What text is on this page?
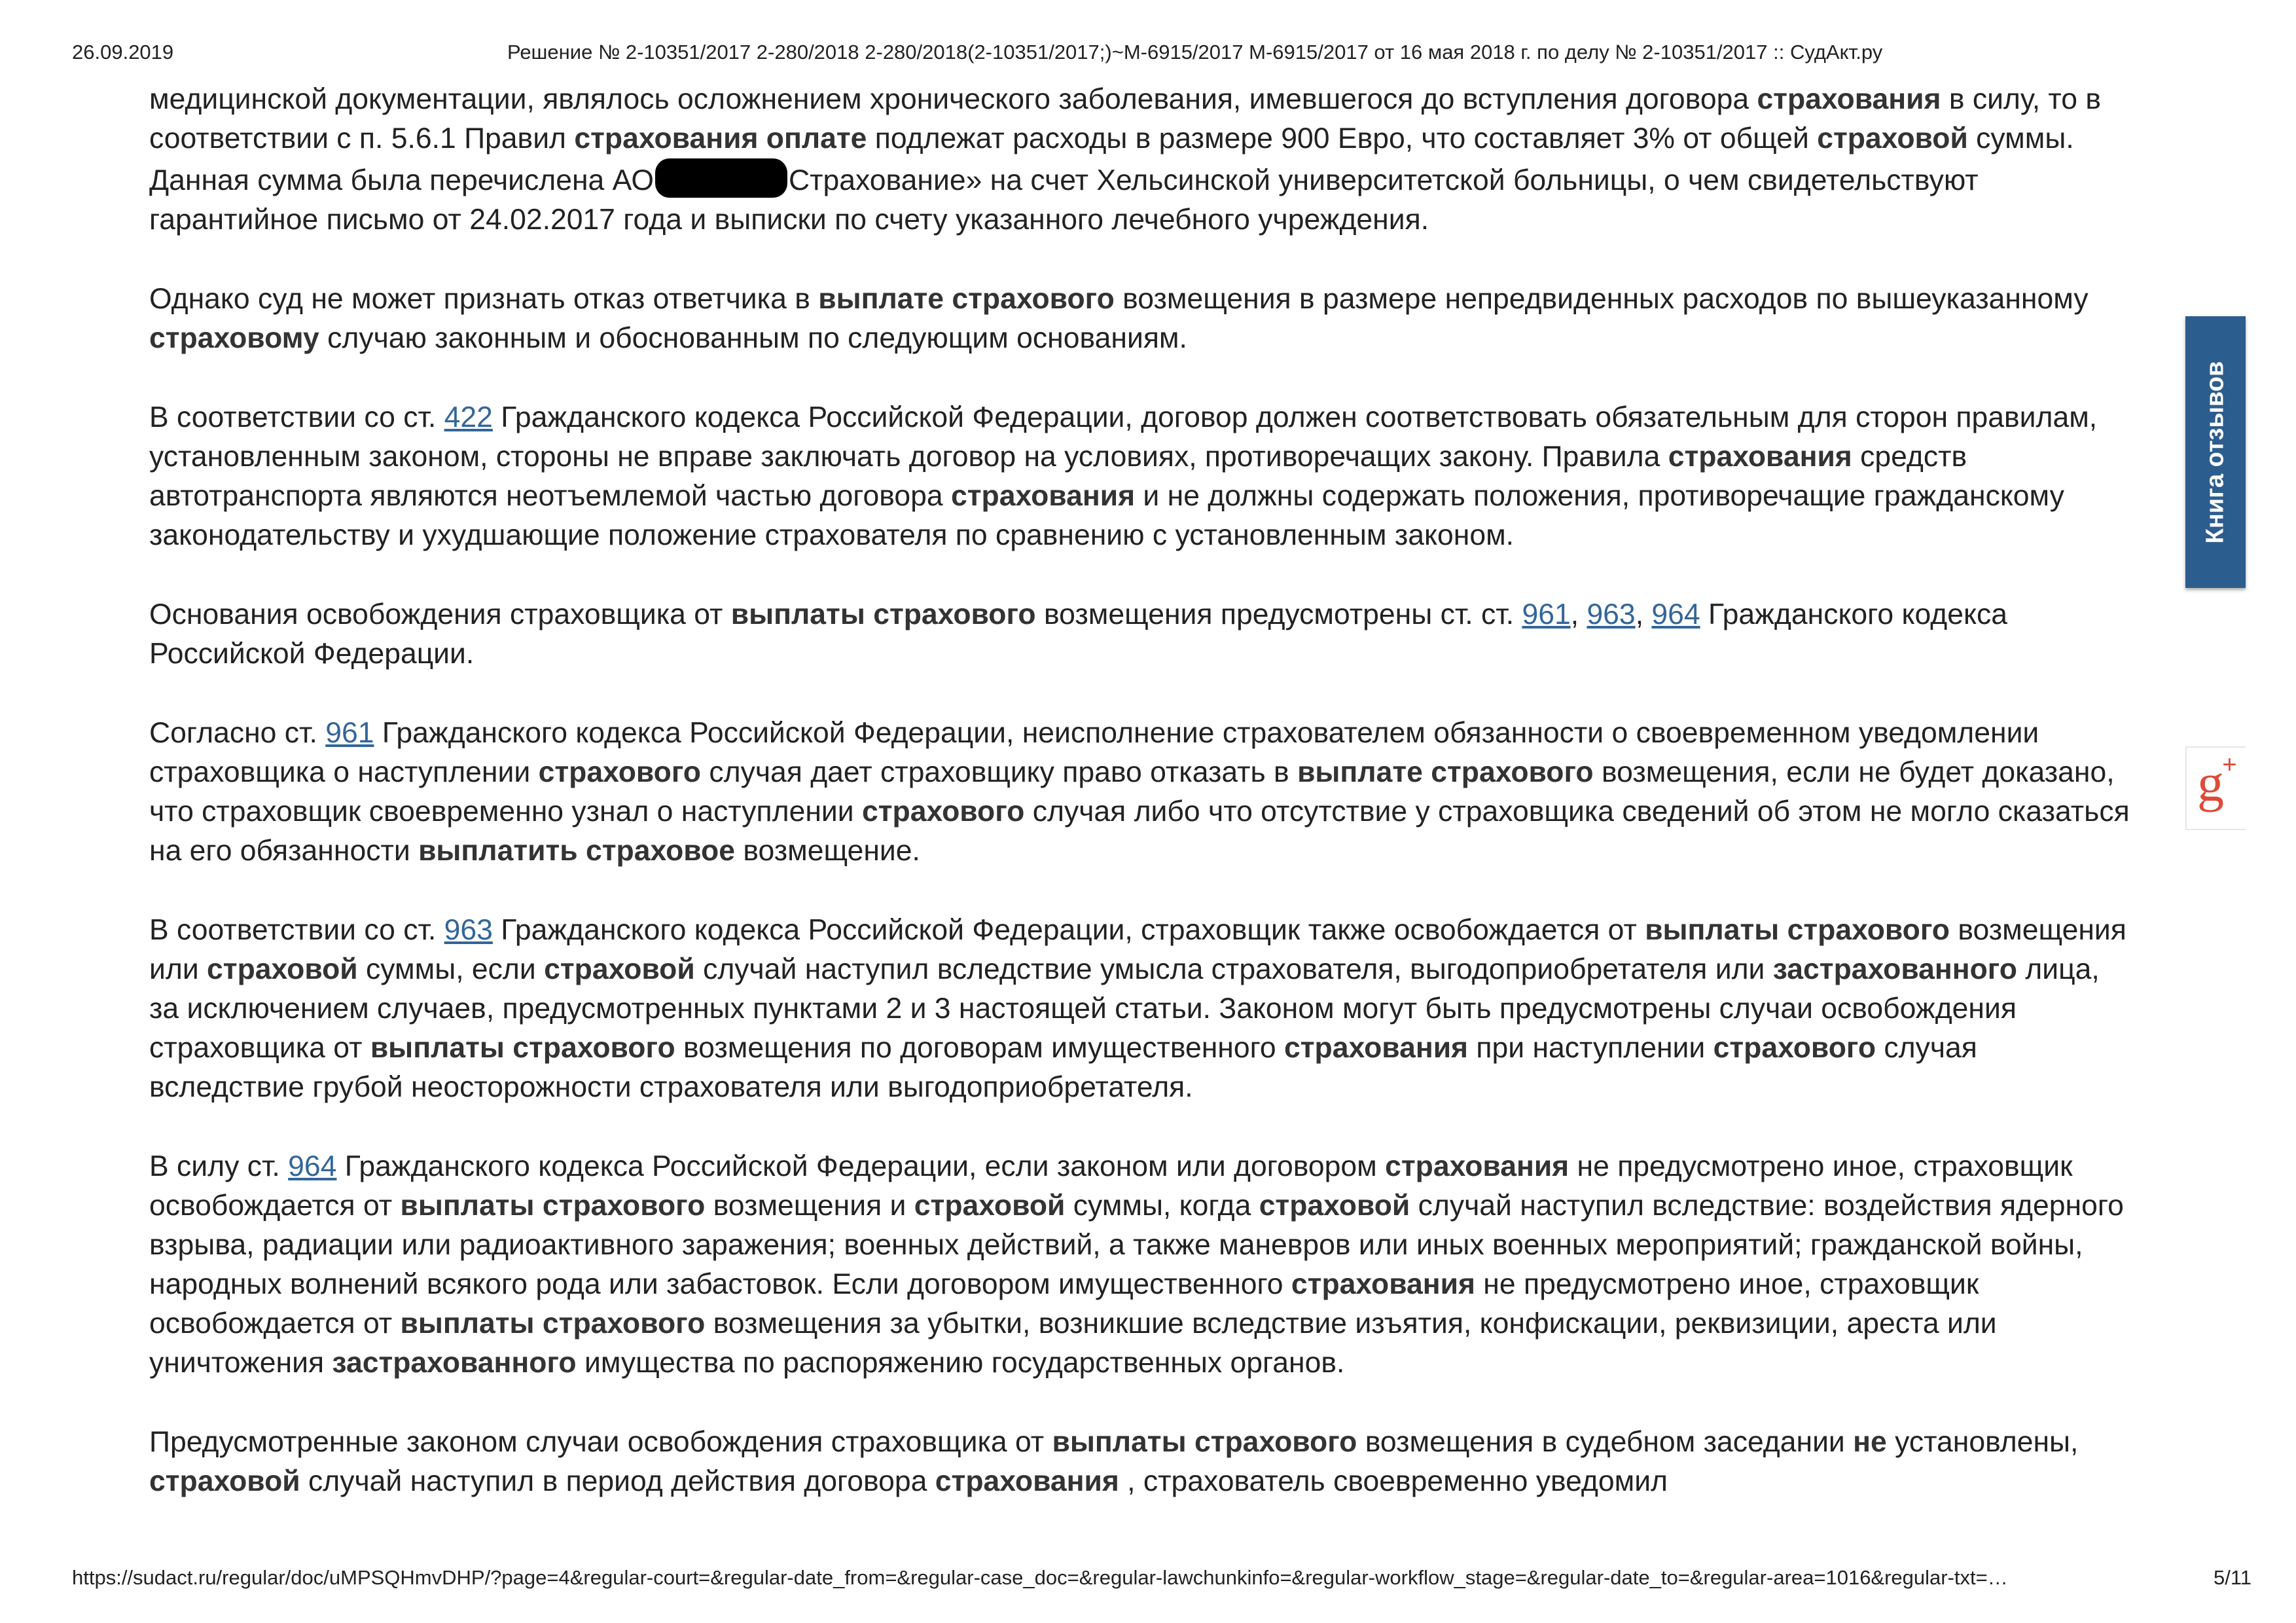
26.09.2019	Решение № 2-10351/2017 2-280/2018 2-280/2018(2-10351/2017;)~М-6915/2017 М-6915/2017 от 16 мая 2018 г. по делу № 2-10351/2017 :: СудАкт.ру

медицинской документации, являлось осложнением хронического заболевания, имевшегося до вступления договора страхования в силу, то в соответствии с п. 5.6.1 Правил страхования оплате подлежат расходы в размере 900 Евро, что составляет 3% от общей страховой суммы. Данная сумма была перечислена АО	Страхование» на счет Хельсинской университетской больницы, о чем свидетельствуют гарантийное письмо от 24.02.2017 года и выписки по счету указанного лечебного учреждения.

Однако суд не может признать отказ ответчика в выплате страхового возмещения в размере непредвиденных расходов по вышеуказанному страховому случаю законным и обоснованным по следующим основаниям.

В соответствии со ст. 422 Гражданского кодекса Российской Федерации, договор должен соответствовать обязательным для сторон правилам, установленным законом, стороны не вправе заключать договор на условиях, противоречащих закону. Правила страхования средств автотранспорта являются неотъемлемой частью договора страхования и не должны содержать положения, противоречащие гражданскому законодательству и ухудшающие положение страхователя по сравнению с установленным законом.

Основания освобождения страховщика от выплаты страхового возмещения предусмотрены ст. ст. 961, 963, 964 Гражданского кодекса Российской Федерации.

Согласно ст. 961 Гражданского кодекса Российской Федерации, неисполнение страхователем обязанности о своевременном уведомлении страховщика о наступлении страхового случая дает страховщику право отказать в выплате страхового возмещения, если не будет доказано, что страховщик своевременно узнал о наступлении страхового случая либо что отсутствие у страховщика сведений об этом не могло сказаться на его обязанности выплатить страховое возмещение.

В соответствии со ст. 963 Гражданского кодекса Российской Федерации, страховщик также освобождается от выплаты страхового возмещения или страховой суммы, если страховой случай наступил вследствие умысла страхователя, выгодоприобретателя или застрахованного лица, за исключением случаев, предусмотренных пунктами 2 и 3 настоящей статьи. Законом могут быть предусмотрены случаи освобождения страховщика от выплаты страхового возмещения по договорам имущественного страхования при наступлении страхового случая вследствие грубой неосторожности страхователя или выгодоприобретателя.

В силу ст. 964 Гражданского кодекса Российской Федерации, если законом или договором страхования не предусмотрено иное, страховщик освобождается от выплаты страхового возмещения и страховой суммы, когда страховой случай наступил вследствие: воздействия ядерного взрыва, радиации или радиоактивного заражения; военных действий, а также маневров или иных военных мероприятий; гражданской войны, народных волнений всякого рода или забастовок. Если договором имущественного страхования не предусмотрено иное, страховщик освобождается от выплаты страхового возмещения за убытки, возникшие вследствие изъятия, конфискации, реквизиции, ареста или уничтожения застрахованного имущества по распоряжению государственных органов.

Предусмотренные законом случаи освобождения страховщика от выплаты страхового возмещения в судебном заседании не установлены, страховой случай наступил в период действия договора страхования , страхователь своевременно уведомил

Книга отзывов
g
+
https://sudact.ru/regular/doc/uMPSQHmvDHP/?page=4&regular-court=&regular-date_from=&regular-case_doc=&regular-lawchunkinfo=&regular-workflow_stage=&regular-date_to=&regular-area=1016&regular-txt=…	5/11
